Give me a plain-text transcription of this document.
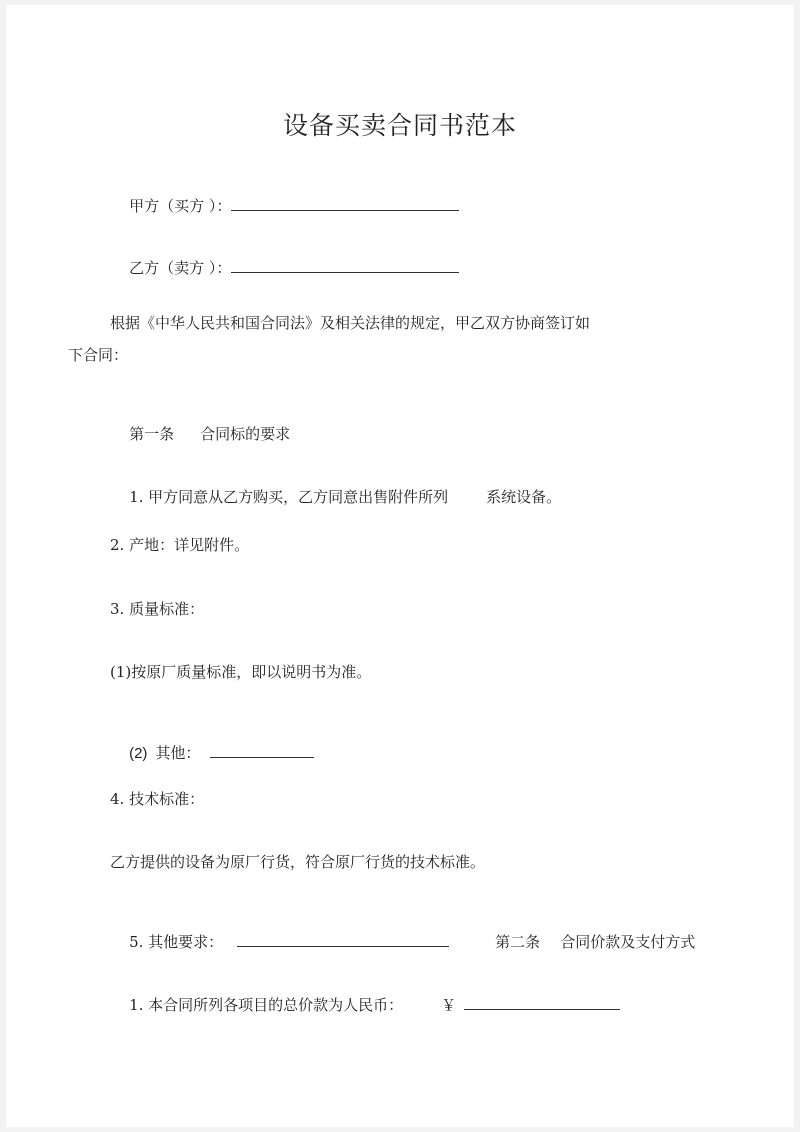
设备买卖合同书范本

甲方（买方 ）：

乙方（卖方 ）：

根据《中华人民共和国合同法》及相关法律的规定，甲乙双方协商签订如
下合同：

第一条 合同标的要求

1. 甲方同意从乙方购买，乙方同意出售附件所列	系统设备。

2. 产地：详见附件。
3. 质量标准：
(1)按原厂质量标准，即以说明书为准。

(2) 其他：

4. 技术标准：
乙方提供的设备为原厂行货，符合原厂行货的技术标准。

5. 其他要求：	第二条 合同价款及支付方式

1. 本合同所列各项目的总价款为人民币：	￥
